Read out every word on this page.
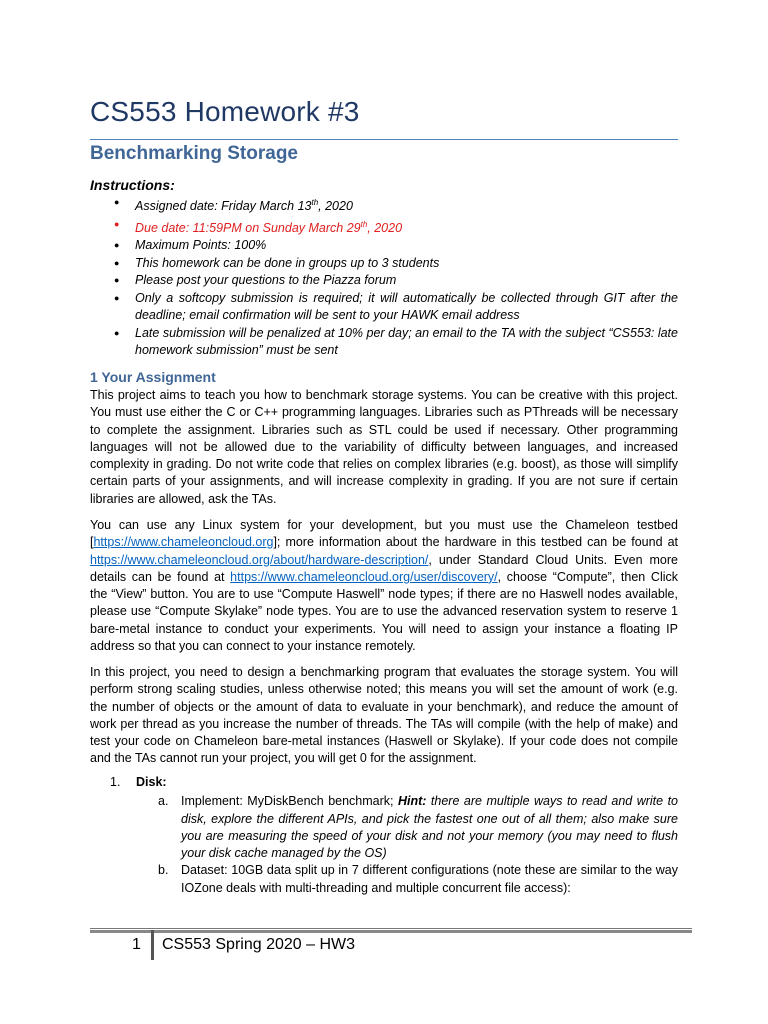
CS553 Homework #3
Benchmarking Storage
Instructions:
● Assigned date: Friday March 13th, 2020
● Due date: 11:59PM on Sunday March 29th, 2020
● Maximum Points: 100%
● This homework can be done in groups up to 3 students
● Please post your questions to the Piazza forum
● Only a softcopy submission is required; it will automatically be collected through GIT after the deadline; email confirmation will be sent to your HAWK email address
● Late submission will be penalized at 10% per day; an email to the TA with the subject “CS553: late homework submission” must be sent
1 Your Assignment

This project aims to teach you how to benchmark storage systems. You can be creative with this project. You must use either the C or C++ programming languages. Libraries such as PThreads will be necessary to complete the assignment. Libraries such as STL could be used if necessary. Other programming languages will not be allowed due to the variability of difficulty between languages, and increased complexity in grading. Do not write code that relies on complex libraries (e.g. boost), as those will simplify certain parts of your assignments, and will increase complexity in grading. If you are not sure if certain libraries are allowed, ask the TAs.

You can use any Linux system for your development, but you must use the Chameleon testbed [https://www.chameleoncloud.org]; more information about the hardware in this testbed can be found at https://www.chameleoncloud.org/about/hardware-description/, under Standard Cloud Units. Even more details can be found at https://www.chameleoncloud.org/user/discovery/, choose “Compute”, then Click the “View” button. You are to use “Compute Haswell” node types; if there are no Haswell nodes available, please use “Compute Skylake” node types. You are to use the advanced reservation system to reserve 1 bare-metal instance to conduct your experiments. You will need to assign your instance a floating IP address so that you can connect to your instance remotely.

In this project, you need to design a benchmarking program that evaluates the storage system. You will perform strong scaling studies, unless otherwise noted; this means you will set the amount of work (e.g. the number of objects or the amount of data to evaluate in your benchmark), and reduce the amount of work per thread as you increase the number of threads. The TAs will compile (with the help of make) and test your code on Chameleon bare-metal instances (Haswell or Skylake). If your code does not compile and the TAs cannot run your project, you will get 0 for the assignment.

1. Disk:
a. Implement: MyDiskBench benchmark; Hint: there are multiple ways to read and write to disk, explore the different APIs, and pick the fastest one out of all them; also make sure you are measuring the speed of your disk and not your memory (you may need to flush your disk cache managed by the OS)
b. Dataset: 10GB data split up in 7 different configurations (note these are similar to the way IOZone deals with multi-threading and multiple concurrent file access):
1 CS553 Spring 2020 – HW3
